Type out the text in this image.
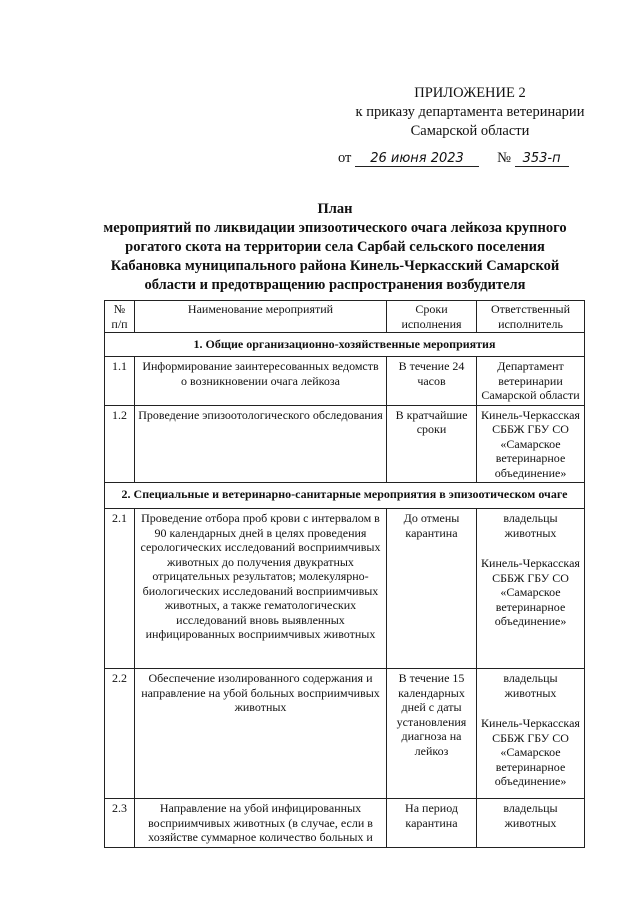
ПРИЛОЖЕНИЕ 2
к приказу департамента ветеринарии
Самарской области
от 26 июня 2023 № 353-п
План
мероприятий по ликвидации эпизоотического очага лейкоза крупного
рогатого скота на территории села Сарбай сельского поселения
Кабановка муниципального района Кинель-Черкасский Самарской
области и предотвращению распространения возбудителя
№ п/п	Наименование мероприятий	Сроки исполнения	Ответственный исполнитель
1. Общие организационно-хозяйственные мероприятия			
1.1	Информирование заинтересованных ведомств о возникновении очага лейкоза	В течение 24 часов	Департамент ветеринарии Самарской области

1.2	Проведение эпизоотологического обследования	В кратчайшие сроки	Кинель-Черкасская СББЖ ГБУ СО «Самарское ветеринарное объединение»

2. Специальные и ветеринарно-санитарные мероприятия в эпизоотическом очаге			
2.1	Проведение отбора проб крови с интервалом в 90 календарных дней в целях проведения серологических исследований восприимчивых животных до получения двукратных отрицательных результатов; молекулярно-биологических исследований восприимчивых животных, а также гематологических исследований вновь выявленных инфицированных восприимчивых животных	До отмены карантина	владельцы животных
Кинель-Черкасская СББЖ ГБУ СО «Самарское ветеринарное объединение»

2.2	Обеспечение изолированного содержания и направление на убой больных восприимчивых животных	В течение 15 календарных дней с даты установления диагноза на лейкоз	владельцы животных
Кинель-Черкасская СББЖ ГБУ СО «Самарское ветеринарное объединение»

2.3	Направление на убой инфицированных восприимчивых животных (в случае, если в хозяйстве суммарное количество больных и	На период карантина	владельцы животных
